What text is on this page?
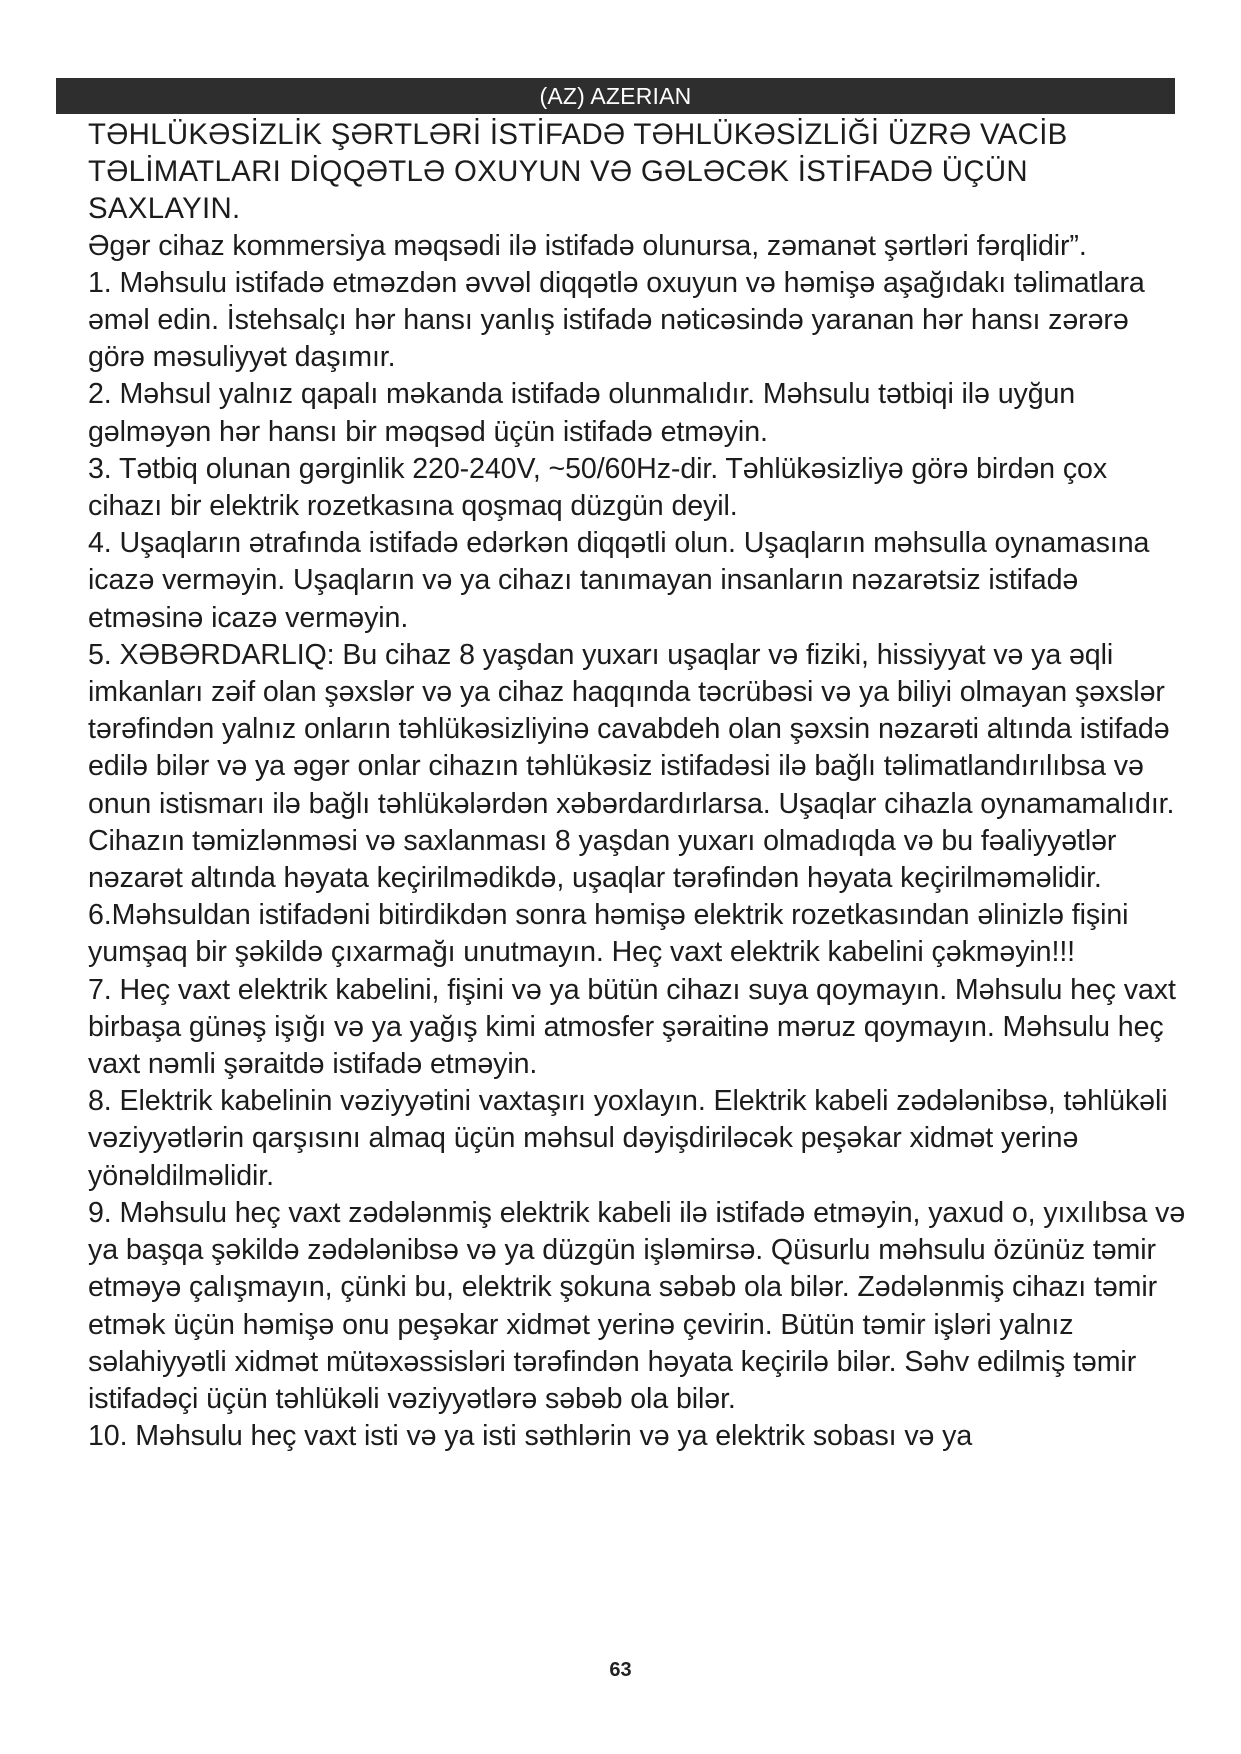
(AZ) AZERIAN

TƏHLÜKƏSİZLİK ŞƏRTLƏRİ İSTİFADƏ TƏHLÜKƏSİZLİĞİ ÜZRƏ VACİB TƏLİMATLARI DİQQƏTLƏ OXUYUN VƏ GƏLƏCƏK İSTİFADƏ ÜÇÜN SAXLAYIN.

Əgər cihaz kommersiya məqsədi ilə istifadə olunursa, zəmanət şərtləri fərqlidir”.

1. Məhsulu istifadə etməzdən əvvəl diqqətlə oxuyun və həmişə aşağıdakı təlimatlara əməl edin. İstehsalçı hər hansı yanlış istifadə nəticəsində yaranan hər hansı zərərə görə məsuliyyət daşımır.

2. Məhsul yalnız qapalı məkanda istifadə olunmalıdır. Məhsulu tətbiqi ilə uyğun gəlməyən hər hansı bir məqsəd üçün istifadə etməyin.

3. Tətbiq olunan gərginlik 220-240V, ~50/60Hz-dir. Təhlükəsizliyə görə birdən çox cihazı bir elektrik rozetkasına qoşmaq düzgün deyil.

4. Uşaqların ətrafında istifadə edərkən diqqətli olun. Uşaqların məhsulla oynamasına icazə verməyin. Uşaqların və ya cihazı tanımayan insanların nəzarətsiz istifadə etməsinə icazə verməyin.

5. XƏBƏRDARLIQ: Bu cihaz 8 yaşdan yuxarı uşaqlar və fiziki, hissiyyat və ya əqli imkanları zəif olan şəxslər və ya cihaz haqqında təcrübəsi və ya biliyi olmayan şəxslər tərəfindən yalnız onların təhlükəsizliyinə cavabdeh olan şəxsin nəzarəti altında istifadə edilə bilər və ya əgər onlar cihazın təhlükəsiz istifadəsi ilə bağlı təlimatlandırılıbsa və onun istismarı ilə bağlı təhlükələrdən xəbərdardırlarsa. Uşaqlar cihazla oynamamalıdır. Cihazın təmizlənməsi və saxlanması 8 yaşdan yuxarı olmadıqda və bu fəaliyyətlər nəzarət altında həyata keçirilmədikdə, uşaqlar tərəfindən həyata keçirilməməlidir.

6.Məhsuldan istifadəni bitirdikdən sonra həmişə elektrik rozetkasından əlinizlə fişini yumşaq bir şəkildə çıxarmağı unutmayın. Heç vaxt elektrik kabelini çəkməyin!!!

7. Heç vaxt elektrik kabelini, fişini və ya bütün cihazı suya qoymayın. Məhsulu heç vaxt birbaşa günəş işığı və ya yağış kimi atmosfer şəraitinə məruz qoymayın. Məhsulu heç vaxt nəmli şəraitdə istifadə etməyin.

8. Elektrik kabelinin vəziyyətini vaxtaşırı yoxlayın. Elektrik kabeli zədələnibsə, təhlükəli vəziyyətlərin qarşısını almaq üçün məhsul dəyişdiriləcək peşəkar xidmət yerinə yönəldilməlidir.

9. Məhsulu heç vaxt zədələnmiş elektrik kabeli ilə istifadə etməyin, yaxud o, yıxılıbsa və ya başqa şəkildə zədələnibsə və ya düzgün işləmirsə. Qüsurlu məhsulu özünüz təmir etməyə çalışmayın, çünki bu, elektrik şokuna səbəb ola bilər. Zədələnmiş cihazı təmir etmək üçün həmişə onu peşəkar xidmət yerinə çevirin. Bütün təmir işləri yalnız səlahiyyətli xidmət mütəxəssisləri tərəfindən həyata keçirilə bilər. Səhv edilmiş təmir istifadəçi üçün təhlükəli vəziyyətlərə səbəb ola bilər.

10. Məhsulu heç vaxt isti və ya isti səthlərin və ya elektrik sobası və ya

63
